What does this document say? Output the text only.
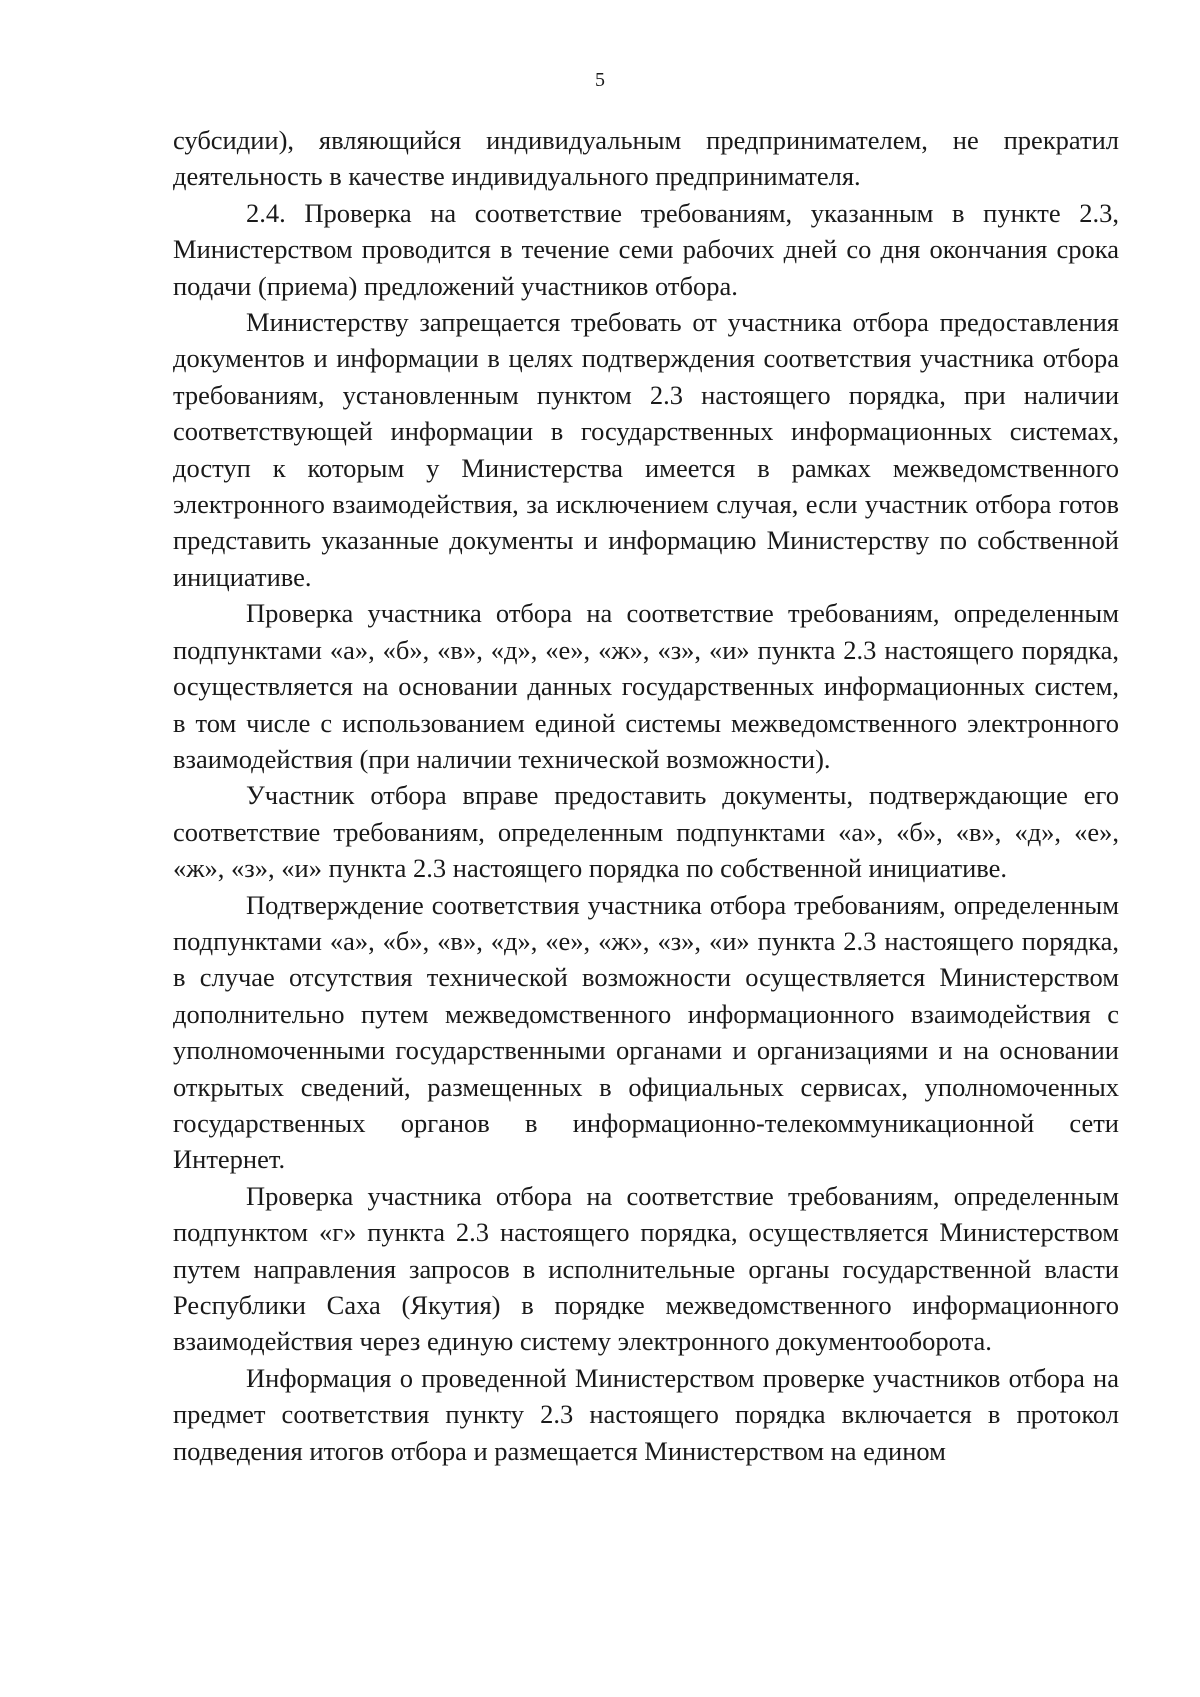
5

субсидии), являющийся индивидуальным предпринимателем, не прекратил деятельность в качестве индивидуального предпринимателя.

2.4. Проверка на соответствие требованиям, указанным в пункте 2.3, Министерством проводится в течение семи рабочих дней со дня окончания срока подачи (приема) предложений участников отбора.

Министерству запрещается требовать от участника отбора предоставления документов и информации в целях подтверждения соответствия участника отбора требованиям, установленным пунктом 2.3 настоящего порядка, при наличии соответствующей информации в государственных информационных системах, доступ к которым у Министерства имеется в рамках межведомственного электронного взаимодействия, за исключением случая, если участник отбора готов представить указанные документы и информацию Министерству по собственной инициативе.

Проверка участника отбора на соответствие требованиям, определенным подпунктами «а», «б», «в», «д», «е», «ж», «з», «и» пункта 2.3 настоящего порядка, осуществляется на основании данных государственных информационных систем, в том числе с использованием единой системы межведомственного электронного взаимодействия (при наличии технической возможности).

Участник отбора вправе предоставить документы, подтверждающие его соответствие требованиям, определенным подпунктами «а», «б», «в», «д», «е», «ж», «з», «и» пункта 2.3 настоящего порядка по собственной инициативе.

Подтверждение соответствия участника отбора требованиям, определенным подпунктами «а», «б», «в», «д», «е», «ж», «з», «и» пункта 2.3 настоящего порядка, в случае отсутствия технической возможности осуществляется Министерством дополнительно путем межведомственного информационного взаимодействия с уполномоченными государственными органами и организациями и на основании открытых сведений, размещенных в официальных сервисах, уполномоченных государственных органов в информационно-телекоммуникационной сети Интернет.

Проверка участника отбора на соответствие требованиям, определенным подпунктом «г» пункта 2.3 настоящего порядка, осуществляется Министерством путем направления запросов в исполнительные органы государственной власти Республики Саха (Якутия) в порядке межведомственного информационного взаимодействия через единую систему электронного документооборота.

Информация о проведенной Министерством проверке участников отбора на предмет соответствия пункту 2.3 настоящего порядка включается в протокол подведения итогов отбора и размещается Министерством на едином
